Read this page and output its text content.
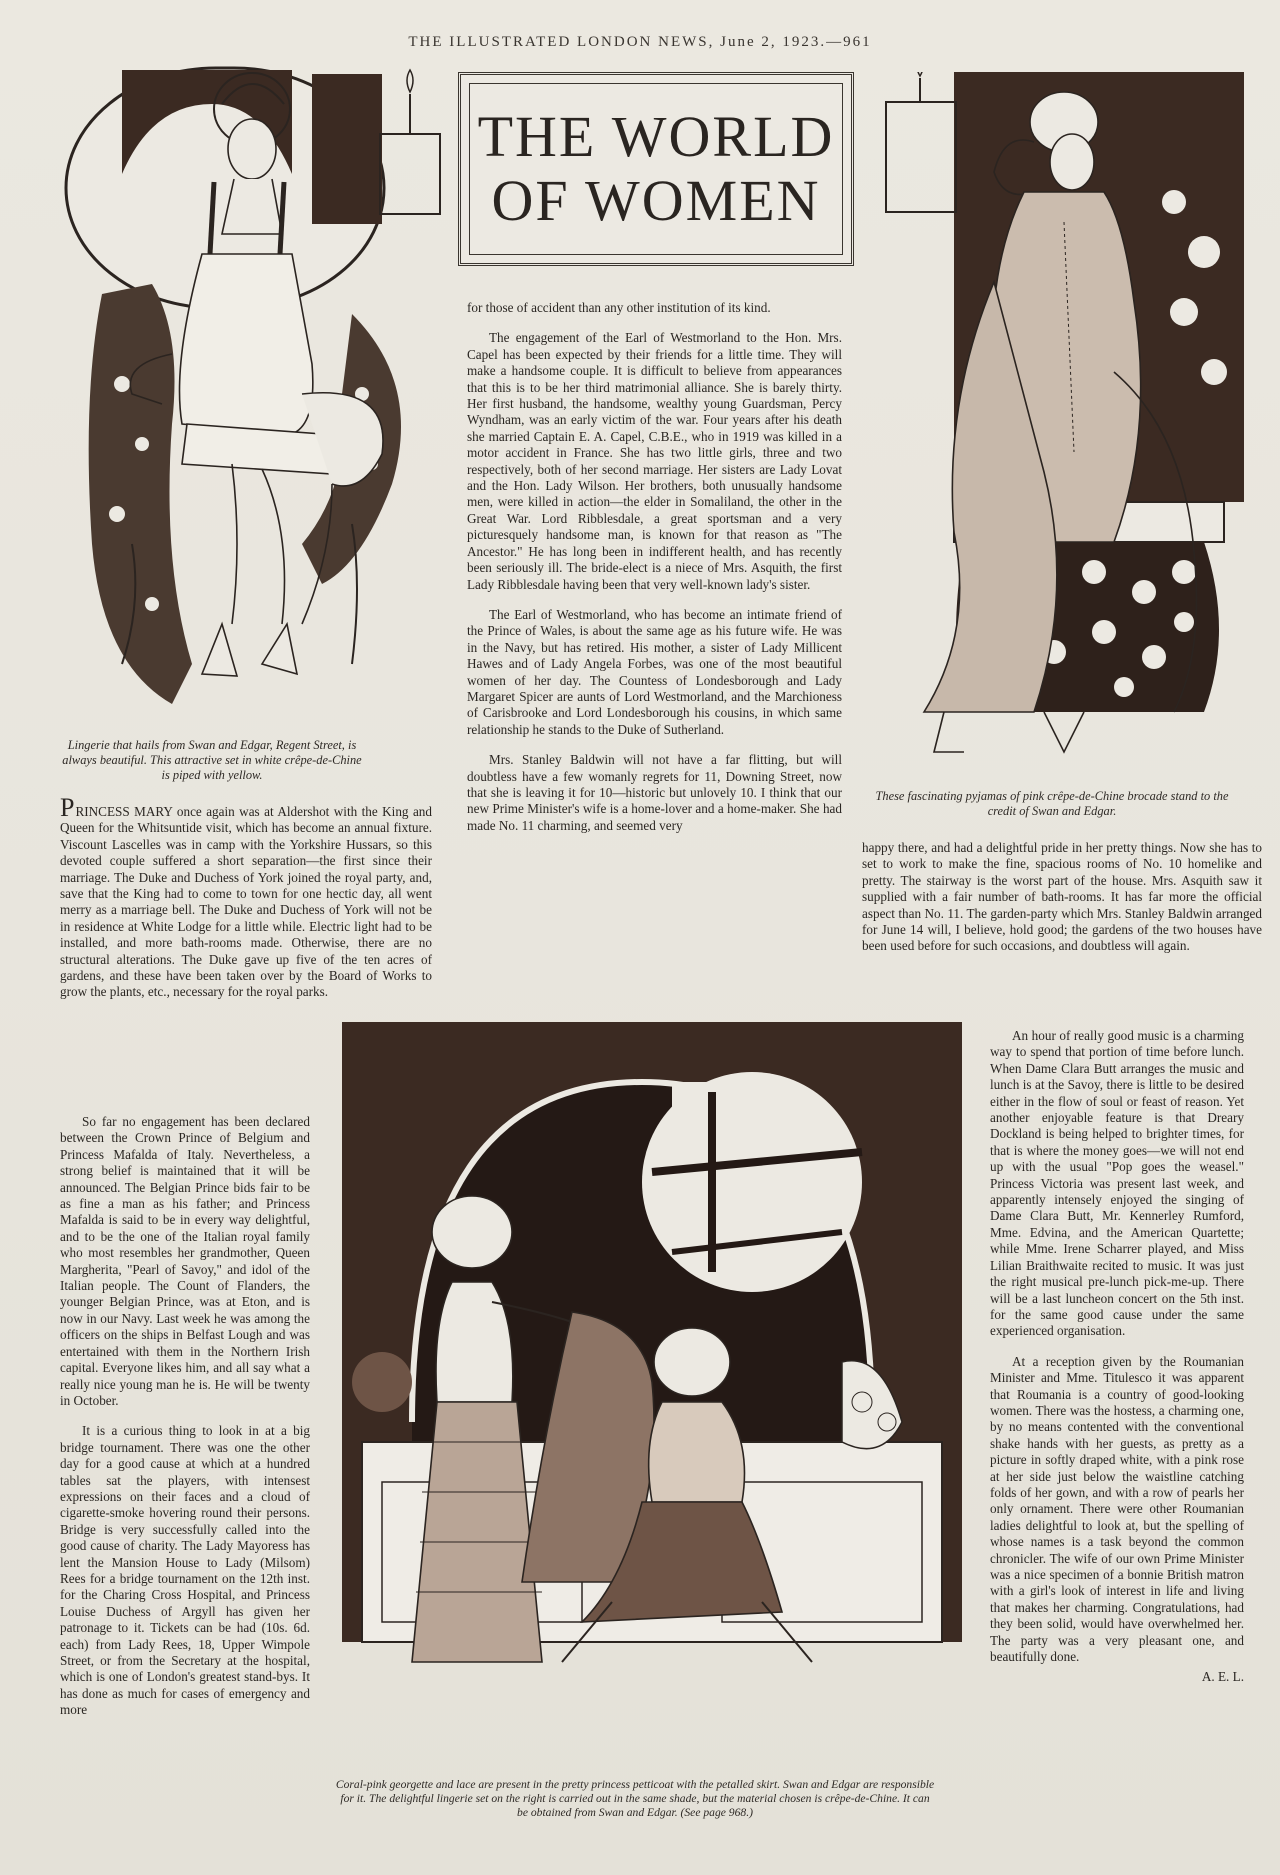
THE ILLUSTRATED LONDON NEWS, June 2, 1923.—961
THE WORLD
OF WOMEN
Lingerie that hails from Swan and Edgar, Regent Street, is always beautiful. This attractive set in white crêpe-de-Chine is piped with yellow.
These fascinating pyjamas of pink crêpe-de-Chine brocade stand to the credit of Swan and Edgar.

for those of accident than any other institution of its kind.

The engagement of the Earl of Westmorland to the Hon. Mrs. Capel has been expected by their friends for a little time. They will make a handsome couple. It is difficult to believe from appearances that this is to be her third matrimonial alliance. She is barely thirty. Her first husband, the handsome, wealthy young Guardsman, Percy Wyndham, was an early victim of the war. Four years after his death she married Captain E. A. Capel, C.B.E., who in 1919 was killed in a motor accident in France. She has two little girls, three and two respectively, both of her second marriage. Her sisters are Lady Lovat and the Hon. Lady Wilson. Her brothers, both unusually handsome men, were killed in action—the elder in Somaliland, the other in the Great War. Lord Ribblesdale, a great sportsman and a very picturesquely handsome man, is known for that reason as "The Ancestor." He has long been in indifferent health, and has recently been seriously ill. The bride-elect is a niece of Mrs. Asquith, the first Lady Ribblesdale having been that very well-known lady's sister.

The Earl of Westmorland, who has become an intimate friend of the Prince of Wales, is about the same age as his future wife. He was in the Navy, but has retired. His mother, a sister of Lady Millicent Hawes and of Lady Angela Forbes, was one of the most beautiful women of her day. The Countess of Londesborough and Lady Margaret Spicer are aunts of Lord Westmorland, and the Marchioness of Carisbrooke and Lord Londesborough his cousins, in which same relationship he stands to the Duke of Sutherland.

Mrs. Stanley Baldwin will not have a far flitting, but will doubtless have a few womanly regrets for 11, Downing Street, now that she is leaving it for 10—historic but unlovely 10. I think that our new Prime Minister's wife is a home-lover and a home-maker. She had made No. 11 charming, and seemed very

happy there, and had a delightful pride in her pretty things. Now she has to set to work to make the fine, spacious rooms of No. 10 homelike and pretty. The stairway is the worst part of the house. Mrs. Asquith saw it supplied with a fair number of bath-rooms. It has far more the official aspect than No. 11. The garden-party which Mrs. Stanley Baldwin arranged for June 14 will, I believe, hold good; the gardens of the two houses have been used before for such occasions, and doubtless will again.

PRINCESS MARY once again was at Aldershot with the King and Queen for the Whitsuntide visit, which has become an annual fixture. Viscount Lascelles was in camp with the Yorkshire Hussars, so this devoted couple suffered a short separation—the first since their marriage. The Duke and Duchess of York joined the royal party, and, save that the King had to come to town for one hectic day, all went merry as a marriage bell. The Duke and Duchess of York will not be in residence at White Lodge for a little while. Electric light had to be installed, and more bath-rooms made. Otherwise, there are no structural alterations. The Duke gave up five of the ten acres of gardens, and these have been taken over by the Board of Works to grow the plants, etc., necessary for the royal parks.

So far no engagement has been declared between the Crown Prince of Belgium and Princess Mafalda of Italy. Nevertheless, a strong belief is maintained that it will be announced. The Belgian Prince bids fair to be as fine a man as his father; and Princess Mafalda is said to be in every way delightful, and to be the one of the Italian royal family who most resembles her grandmother, Queen Margherita, "Pearl of Savoy," and idol of the Italian people. The Count of Flanders, the younger Belgian Prince, was at Eton, and is now in our Navy. Last week he was among the officers on the ships in Belfast Lough and was entertained with them in the Northern Irish capital. Everyone likes him, and all say what a really nice young man he is. He will be twenty in October.

It is a curious thing to look in at a big bridge tournament. There was one the other day for a good cause at which at a hundred tables sat the players, with intensest expressions on their faces and a cloud of cigarette-smoke hovering round their persons. Bridge is very successfully called into the good cause of charity. The Lady Mayoress has lent the Mansion House to Lady (Milsom) Rees for a bridge tournament on the 12th inst. for the Charing Cross Hospital, and Princess Louise Duchess of Argyll has given her patronage to it. Tickets can be had (10s. 6d. each) from Lady Rees, 18, Upper Wimpole Street, or from the Secretary at the hospital, which is one of London's greatest stand-bys. It has done as much for cases of emergency and more

Coral-pink georgette and lace are present in the pretty princess petticoat with the petalled skirt. Swan and Edgar are responsible for it. The delightful lingerie set on the right is carried out in the same shade, but the material chosen is crêpe-de-Chine. It can be obtained from Swan and Edgar. (See page 968.)

An hour of really good music is a charming way to spend that portion of time before lunch. When Dame Clara Butt arranges the music and lunch is at the Savoy, there is little to be desired either in the flow of soul or feast of reason. Yet another enjoyable feature is that Dreary Dockland is being helped to brighter times, for that is where the money goes—we will not end up with the usual "Pop goes the weasel." Princess Victoria was present last week, and apparently intensely enjoyed the singing of Dame Clara Butt, Mr. Kennerley Rumford, Mme. Edvina, and the American Quartette; while Mme. Irene Scharrer played, and Miss Lilian Braithwaite recited to music. It was just the right musical pre-lunch pick-me-up. There will be a last luncheon concert on the 5th inst. for the same good cause under the same experienced organisation.

At a reception given by the Roumanian Minister and Mme. Titulesco it was apparent that Roumania is a country of good-looking women. There was the hostess, a charming one, by no means contented with the conventional shake hands with her guests, as pretty as a picture in softly draped white, with a pink rose at her side just below the waistline catching folds of her gown, and with a row of pearls her only ornament. There were other Roumanian ladies delightful to look at, but the spelling of whose names is a task beyond the common chronicler. The wife of our own Prime Minister was a nice specimen of a bonnie British matron with a girl's look of interest in life and living that makes her charming. Congratulations, had they been solid, would have overwhelmed her. The party was a very pleasant one, and beautifully done.

A. E. L.
